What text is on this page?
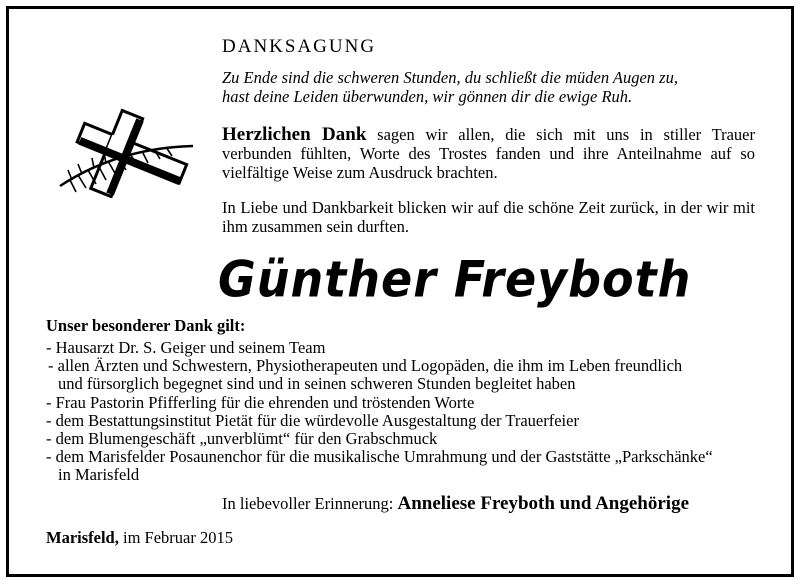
DANKSAGUNG
Zu Ende sind die schweren Stunden, du schließt die müden Augen zu,
hast deine Leiden überwunden, wir gönnen dir die ewige Ruh.
Herzlichen Dank sagen wir allen, die sich mit uns in stiller Trauer verbunden fühlten, Worte des Trostes fanden und ihre Anteilnahme auf so vielfältige Weise zum Ausdruck brachten.
In Liebe und Dankbarkeit blicken wir auf die schöne Zeit zurück, in der wir mit ihm zusammen sein durften.
Günther Freyboth
Unser besonderer Dank gilt:
- Hausarzt Dr. S. Geiger und seinem Team
- allen Ärzten und Schwestern, Physiotherapeuten und Logopäden, die ihm im Leben freundlich
und fürsorglich begegnet sind und in seinen schweren Stunden begleitet haben
- Frau Pastorin Pfifferling für die ehrenden und tröstenden Worte
- dem Bestattungsinstitut Pietät für die würdevolle Ausgestaltung der Trauerfeier
- dem Blumengeschäft „unverblümt“ für den Grabschmuck
- dem Marisfelder Posaunenchor für die musikalische Umrahmung und der Gaststätte „Parkschänke“
in Marisfeld
In liebevoller Erinnerung: Anneliese Freyboth und Angehörige
Marisfeld, im Februar 2015
